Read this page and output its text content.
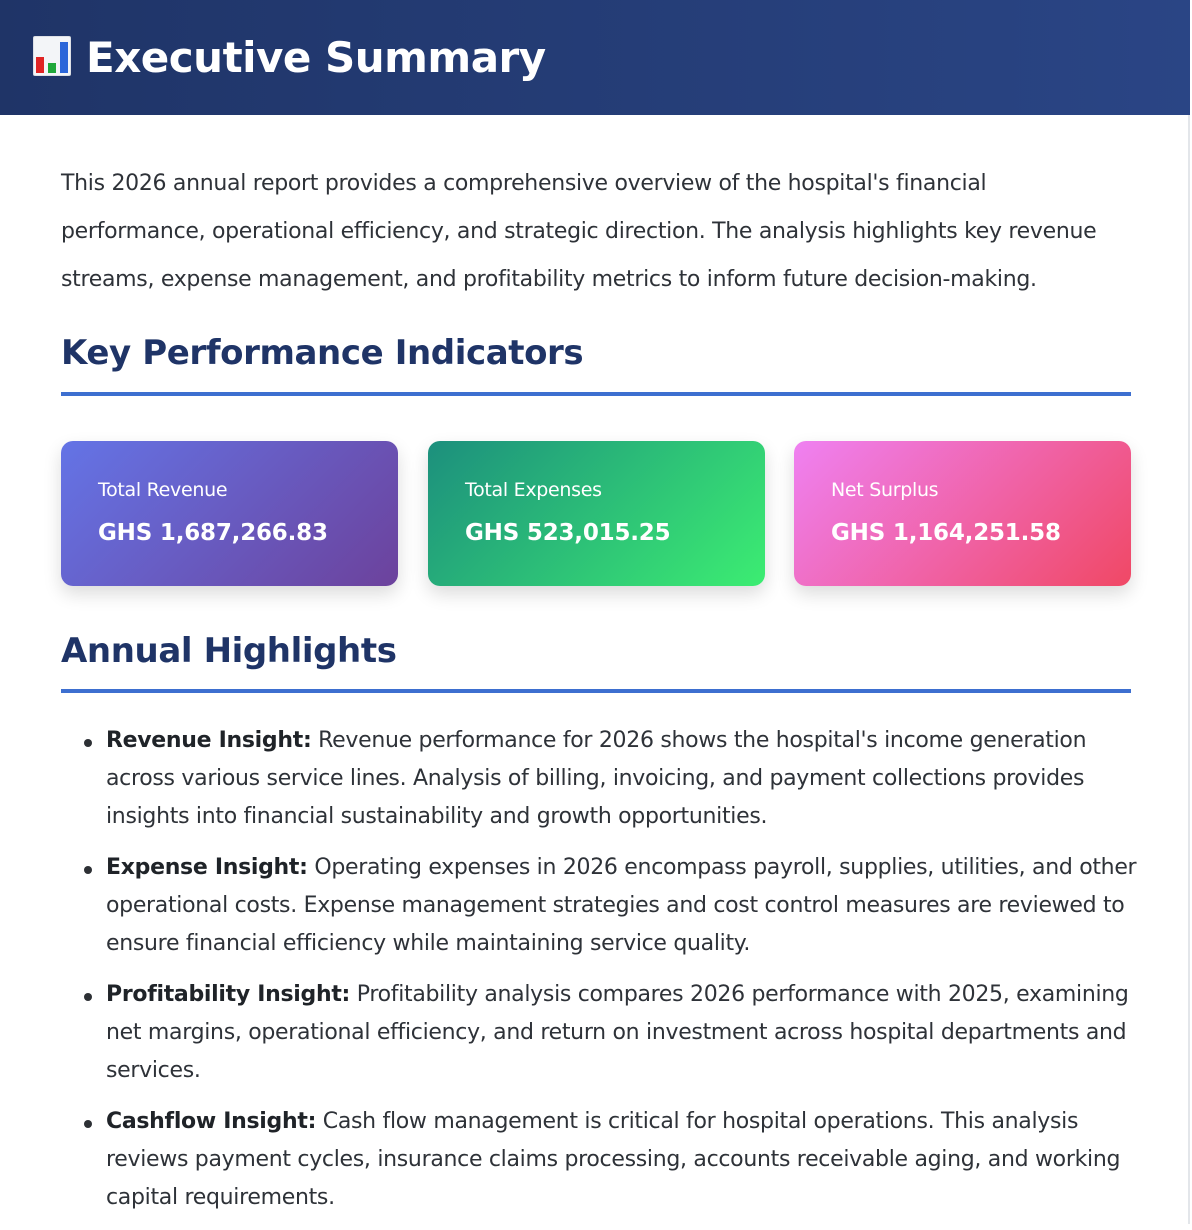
Executive Summary

This 2026 annual report provides a comprehensive overview of the hospital's financial performance, operational efficiency, and strategic direction. The analysis highlights key revenue streams, expense management, and profitability metrics to inform future decision-making.

Key Performance Indicators
Total Revenue
GHS 1,687,266.83
Total Expenses
GHS 523,015.25
Net Surplus
GHS 1,164,251.58
Annual Highlights
Revenue Insight: Revenue performance for 2026 shows the hospital's income generation across various service lines. Analysis of billing, invoicing, and payment collections provides insights into financial sustainability and growth opportunities.
Expense Insight: Operating expenses in 2026 encompass payroll, supplies, utilities, and other operational costs. Expense management strategies and cost control measures are reviewed to ensure financial efficiency while maintaining service quality.
Profitability Insight: Profitability analysis compares 2026 performance with 2025, examining net margins, operational efficiency, and return on investment across hospital departments and services.
Cashflow Insight: Cash flow management is critical for hospital operations. This analysis reviews payment cycles, insurance claims processing, accounts receivable aging, and working capital requirements.
